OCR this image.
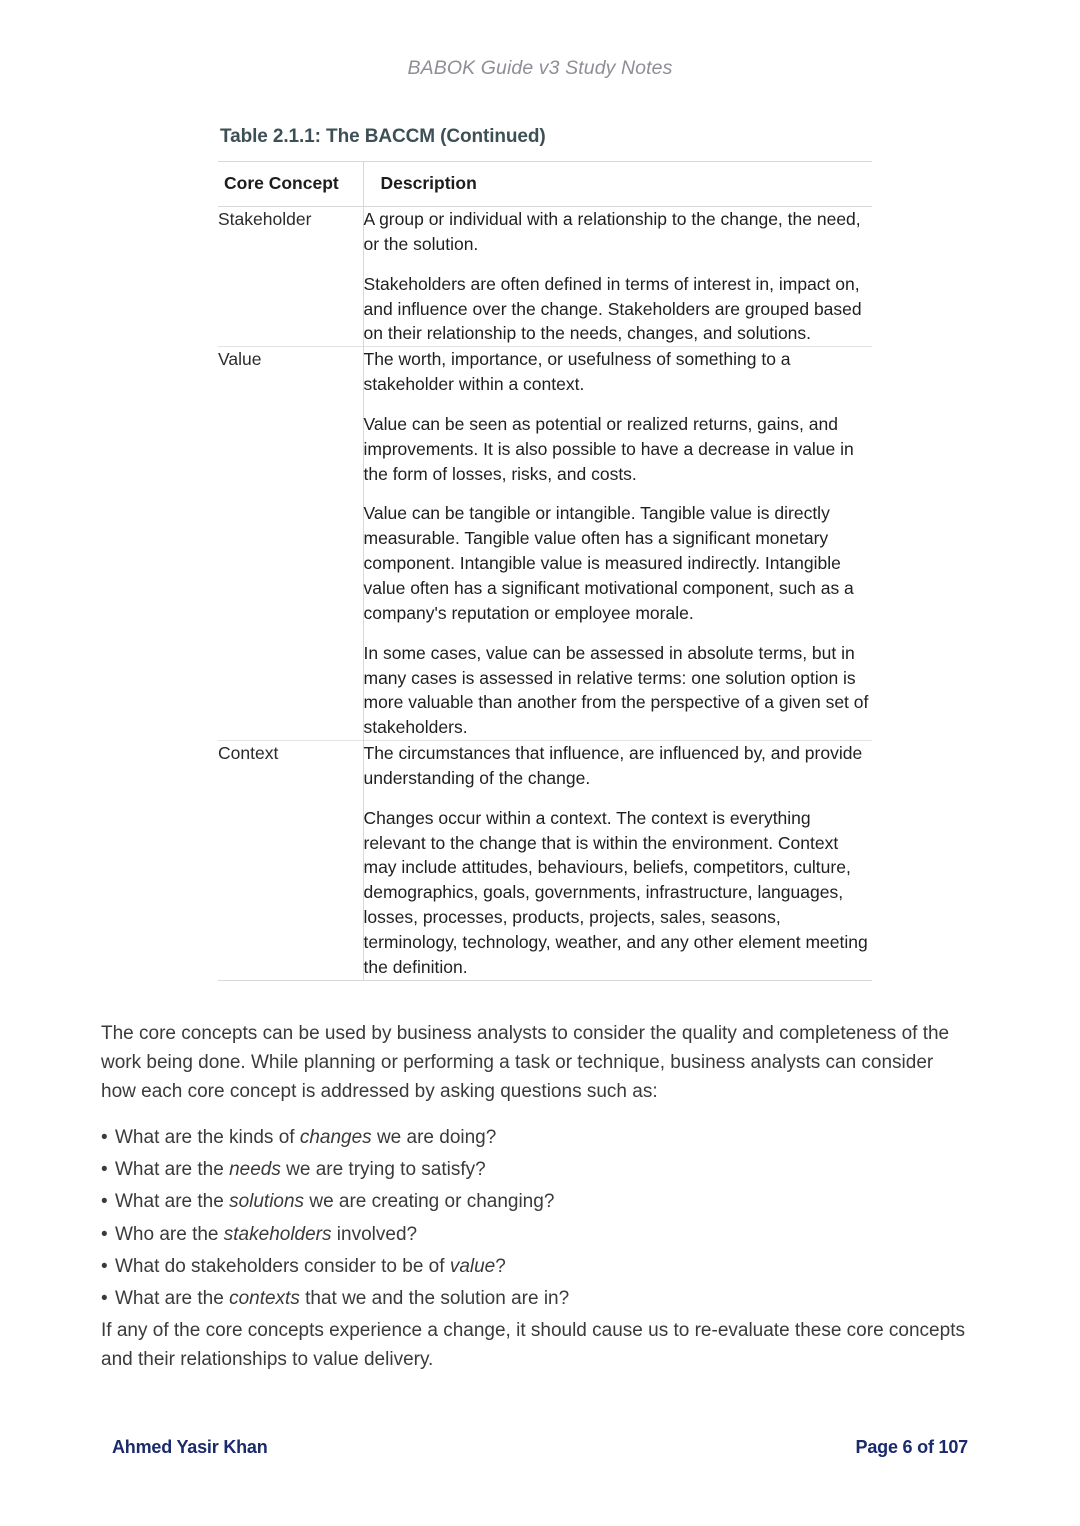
BABOK Guide v3 Study Notes
Table 2.1.1: The BACCM (Continued)
Core Concept	Description
Stakeholder	A group or individual with a relationship to the change, the need, or the solution.

Stakeholders are often defined in terms of interest in, impact on, and influence over the change. Stakeholders are grouped based on their relationship to the needs, changes, and solutions.

Value	The worth, importance, or usefulness of something to a stakeholder within a context.

Value can be seen as potential or realized returns, gains, and improvements. It is also possible to have a decrease in value in the form of losses, risks, and costs.

Value can be tangible or intangible. Tangible value is directly measurable. Tangible value often has a significant monetary component. Intangible value is measured indirectly. Intangible value often has a significant motivational component, such as a company's reputation or employee morale.

In some cases, value can be assessed in absolute terms, but in many cases is assessed in relative terms: one solution option is more valuable than another from the perspective of a given set of stakeholders.

Context	The circumstances that influence, are influenced by, and provide understanding of the change.

Changes occur within a context. The context is everything relevant to the change that is within the environment. Context may include attitudes, behaviours, beliefs, competitors, culture, demographics, goals, governments, infrastructure, languages, losses, processes, products, projects, sales, seasons, terminology, technology, weather, and any other element meeting the definition.

The core concepts can be used by business analysts to consider the quality and completeness of the work being done. While planning or performing a task or technique, business analysts can consider how each core concept is addressed by asking questions such as:

• What are the kinds of changes we are doing?
• What are the needs we are trying to satisfy?
• What are the solutions we are creating or changing?
• Who are the stakeholders involved?
• What do stakeholders consider to be of value?
• What are the contexts that we and the solution are in?

If any of the core concepts experience a change, it should cause us to re-evaluate these core concepts and their relationships to value delivery.

Ahmed Yasir Khan	Page 6 of 107
